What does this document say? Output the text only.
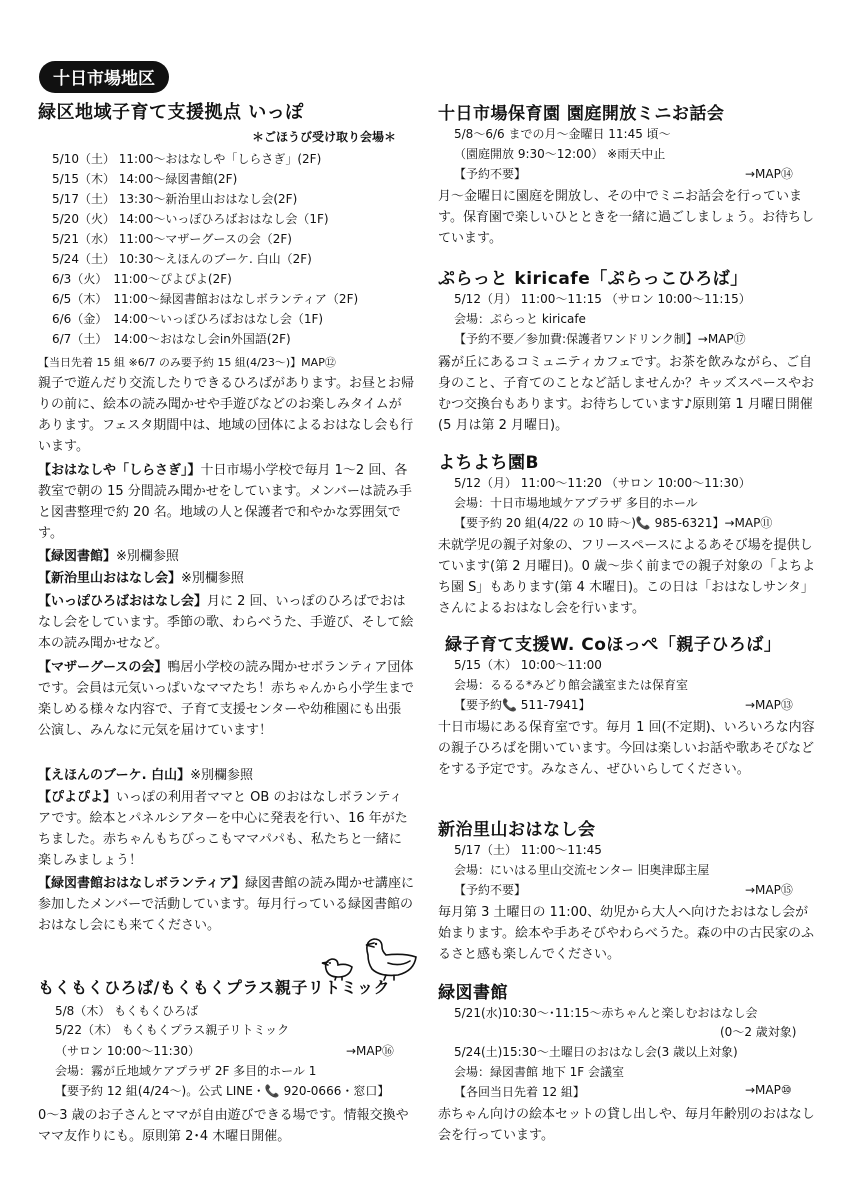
十日市場地区
緑区地域子育て支援拠点 いっぽ
＊ごほうび受け取り会場＊
5/10（土） 11:00～おはなしや「しらさぎ」(2F)
5/15（木） 14:00～緑図書館(2F)
5/17（土） 13:30～新治里山おはなし会(2F)
5/20（火） 14:00～いっぽひろばおはなし会（1F)
5/21（水） 11:00～マザーグースの会（2F)
5/24（土） 10:30～えほんのブーケ. 白山（2F)
6/3（火）　11:00～ぴよぴよ(2F)
6/5（木）　11:00～緑図書館おはなしボランティア（2F)
6/6（金）　14:00～いっぽひろばおはなし会（1F)
6/7（土）　14:00～おはなし会in外国語(2F)
【当日先着 15 組 ※6/7 のみ要予約 15 組(4/23～)】MAP⑫
親子で遊んだり交流したりできるひろばがあります。お昼とお帰りの前に、絵本の読み聞かせや手遊びなどのお楽しみタイムがあります。フェスタ期間中は、地域の団体によるおはなし会も行います。
【おはなしや「しらさぎ」】十日市場小学校で毎月 1～2 回、各教室で朝の 15 分間読み聞かせをしています。メンバーは読み手と図書整理で約 20 名。地域の人と保護者で和やかな雰囲気です。
【緑図書館】※別欄参照
【新治里山おはなし会】※別欄参照
【いっぽひろばおはなし会】月に 2 回、いっぽのひろばでおはなし会をしています。季節の歌、わらべうた、手遊び、そして絵本の読み聞かせなど。
【マザーグースの会】鴨居小学校の読み聞かせボランティア団体です。会員は元気いっぱいなママたち！赤ちゃんから小学生まで楽しめる様々な内容で、子育て支援センターや幼稚園にも出張公演し、みんなに元気を届けています！
【えほんのブーケ. 白山】※別欄参照
【ぴよぴよ】いっぽの利用者ママと OB のおはなしボランティアです。絵本とパネルシアターを中心に発表を行い、16 年がたちました。赤ちゃんもちびっこもママパパも、私たちと一緒に楽しみましょう！
【緑図書館おはなしボランティア】緑図書館の読み聞かせ講座に参加したメンバーで活動しています。毎月行っている緑図書館のおはなし会にも来てください。
もくもくひろば/もくもくプラス親子リトミック
5/8（木） もくもくひろば
5/22（木） もくもくプラス親子リトミック
（サロン 10:00～11:30）	→MAP⑯
会場：霧が丘地域ケアプラザ 2F 多目的ホール 1
【要予約 12 組(4/24～)。公式 LINE・📞 920-0666・窓口】
0～3 歳のお子さんとママが自由遊びできる場です。情報交換やママ友作りにも。原則第 2･4 木曜日開催。
十日市場保育園 園庭開放ミニお話会
5/8～6/6 までの月～金曜日 11:45 頃～
（園庭開放 9:30～12:00） ※雨天中止
【予約不要】	→MAP⑭
月～金曜日に園庭を開放し、その中でミニお話会を行っています。保育園で楽しいひとときを一緒に過ごしましょう。お待ちしています。
ぷらっと kiricafe「ぷらっこひろば」
5/12（月） 11:00～11:15 （サロン 10:00～11:15）
会場：ぷらっと kiricafe
【予約不要／参加費:保護者ワンドリンク制】→MAP⑰
霧が丘にあるコミュニティカフェです。お茶を飲みながら、ご自身のこと、子育てのことなど話しませんか？キッズスペースやおむつ交換台もあります。お待ちしています♪原則第 1 月曜日開催(5 月は第 2 月曜日)。
よちよち園B
5/12（月） 11:00～11:20 （サロン 10:00～11:30）
会場：十日市場地域ケアプラザ 多目的ホール
【要予約 20 組(4/22 の 10 時～)📞 985-6321】→MAP⑪
未就学児の親子対象の、フリースペースによるあそび場を提供しています(第 2 月曜日)。0 歳～歩く前までの親子対象の「よちよち園 S」もあります(第 4 木曜日)。この日は「おはなしサンタ」さんによるおはなし会を行います。
緑子育て支援W. Coほっぺ「親子ひろば」
5/15（木） 10:00～11:00
会場：るるる*みどり館会議室または保育室
【要予約📞 511-7941】	→MAP⑬
十日市場にある保育室です。毎月 1 回(不定期)、いろいろな内容の親子ひろばを開いています。今回は楽しいお話や歌あそびなどをする予定です。みなさん、ぜひいらしてください。
新治里山おはなし会
5/17（土） 11:00～11:45
会場：にいはる里山交流センター 旧奥津邸主屋
【予約不要】	→MAP⑮
毎月第 3 土曜日の 11:00、幼児から大人へ向けたおはなし会が始まります。絵本や手あそびやわらべうた。森の中の古民家のふるさと感も楽しんでください。
緑図書館
5/21(水)10:30～･11:15～赤ちゃんと楽しむおはなし会
(0～2 歳対象)
5/24(土)15:30～土曜日のおはなし会(3 歳以上対象)
会場：緑図書館 地下 1F 会議室
【各回当日先着 12 組】	→MAP⑩
赤ちゃん向けの絵本セットの貸し出しや、毎月年齢別のおはなし会を行っています。
